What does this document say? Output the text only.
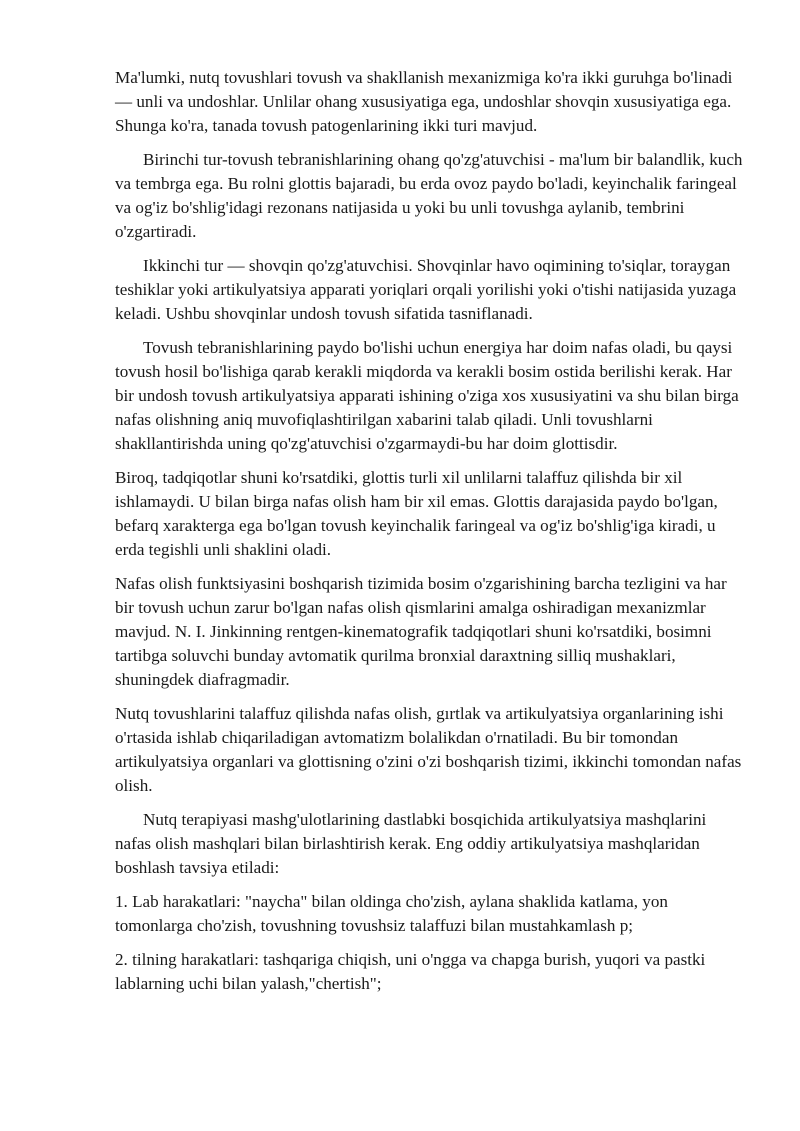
Ma'lumki, nutq tovushlari tovush va shakllanish mexanizmiga ko'ra ikki guruhga bo'linadi — unli va undoshlar. Unlilar ohang xususiyatiga ega, undoshlar shovqin xususiyatiga ega. Shunga ko'ra, tanada tovush patogenlarining ikki turi mavjud.

Birinchi tur-tovush tebranishlarining ohang qo'zg'atuvchisi - ma'lum bir balandlik, kuch va tembrga ega. Bu rolni glottis bajaradi, bu erda ovoz paydo bo'ladi, keyinchalik faringeal va og'iz bo'shlig'idagi rezonans natijasida u yoki bu unli tovushga aylanib, tembrini o'zgartiradi.

Ikkinchi tur — shovqin qo'zg'atuvchisi. Shovqinlar havo oqimining to'siqlar, toraygan teshiklar yoki artikulyatsiya apparati yoriqlari orqali yorilishi yoki o'tishi natijasida yuzaga keladi. Ushbu shovqinlar undosh tovush sifatida tasniflanadi.

Tovush tebranishlarining paydo bo'lishi uchun energiya har doim nafas oladi, bu qaysi tovush hosil bo'lishiga qarab kerakli miqdorda va kerakli bosim ostida berilishi kerak. Har bir undosh tovush artikulyatsiya apparati ishining o'ziga xos xususiyatini va shu bilan birga nafas olishning aniq muvofiqlashtirilgan xabarini talab qiladi. Unli tovushlarni shakllantirishda uning qo'zg'atuvchisi o'zgarmaydi-bu har doim glottisdir.

Biroq, tadqiqotlar shuni ko'rsatdiki, glottis turli xil unlilarni talaffuz qilishda bir xil ishlamaydi. U bilan birga nafas olish ham bir xil emas. Glottis darajasida paydo bo'lgan, befarq xarakterga ega bo'lgan tovush keyinchalik faringeal va og'iz bo'shlig'iga kiradi, u erda tegishli unli shaklini oladi.

Nafas olish funktsiyasini boshqarish tizimida bosim o'zgarishining barcha tezligini va har bir tovush uchun zarur bo'lgan nafas olish qismlarini amalga oshiradigan mexanizmlar mavjud. N. I. Jinkinning rentgen-kinematografik tadqiqotlari shuni ko'rsatdiki, bosimni tartibga soluvchi bunday avtomatik qurilma bronxial daraxtning silliq mushaklari, shuningdek diafragmadir.

Nutq tovushlarini talaffuz qilishda nafas olish, gırtlak va artikulyatsiya organlarining ishi o'rtasida ishlab chiqariladigan avtomatizm bolalikdan o'rnatiladi. Bu bir tomondan artikulyatsiya organlari va glottisning o'zini o'zi boshqarish tizimi, ikkinchi tomondan nafas olish.

Nutq terapiyasi mashg'ulotlarining dastlabki bosqichida artikulyatsiya mashqlarini nafas olish mashqlari bilan birlashtirish kerak. Eng oddiy artikulyatsiya mashqlaridan boshlash tavsiya etiladi:

1. Lab harakatlari: "naycha" bilan oldinga cho'zish, aylana shaklida katlama, yon tomonlarga cho'zish, tovushning tovushsiz talaffuzi bilan mustahkamlash p;

2. tilning harakatlari: tashqariga chiqish, uni o'ngga va chapga burish, yuqori va pastki lablarning uchi bilan yalash,"chertish";
